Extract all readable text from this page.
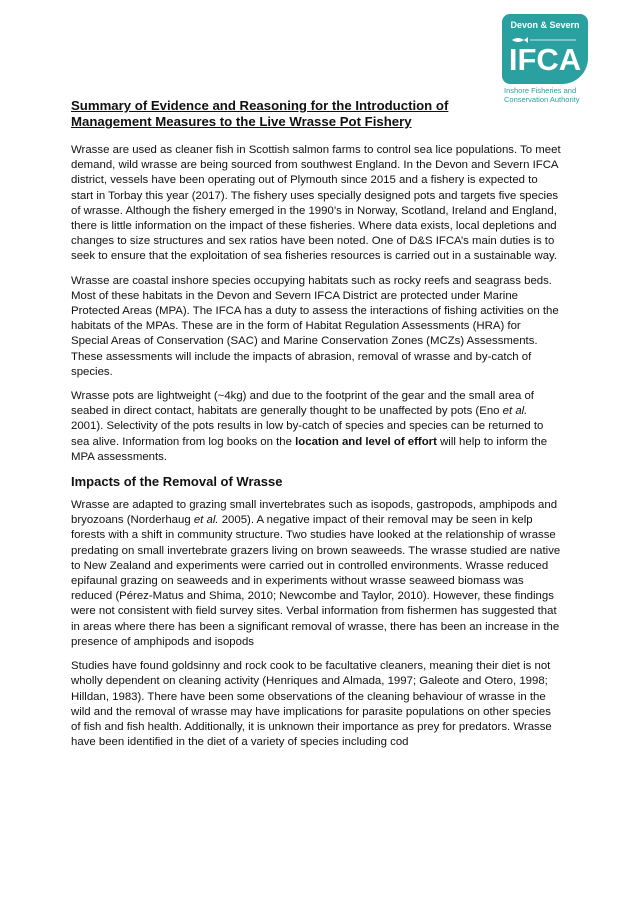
Devon & Severn
IFCA
Inshore Fisheries and
Conservation Authority
Summary of Evidence and Reasoning for the Introduction of Management Measures to the Live Wrasse Pot Fishery

Wrasse are used as cleaner fish in Scottish salmon farms to control sea lice populations. To meet demand, wild wrasse are being sourced from southwest England. In the Devon and Severn IFCA district, vessels have been operating out of Plymouth since 2015 and a fishery is expected to start in Torbay this year (2017). The fishery uses specially designed pots and targets five species of wrasse. Although the fishery emerged in the 1990’s in Norway, Scotland, Ireland and England, there is little information on the impact of these fisheries. Where data exists, local depletions and changes to size structures and sex ratios have been noted. One of D&S IFCA’s main duties is to seek to ensure that the exploitation of sea fisheries resources is carried out in a sustainable way.

Wrasse are coastal inshore species occupying habitats such as rocky reefs and seagrass beds. Most of these habitats in the Devon and Severn IFCA District are protected under Marine Protected Areas (MPA). The IFCA has a duty to assess the interactions of fishing activities on the habitats of the MPAs. These are in the form of Habitat Regulation Assessments (HRA) for Special Areas of Conservation (SAC) and Marine Conservation Zones (MCZs) Assessments. These assessments will include the impacts of abrasion, removal of wrasse and by-catch of species.

Wrasse pots are lightweight (~4kg) and due to the footprint of the gear and the small area of seabed in direct contact, habitats are generally thought to be unaffected by pots (Eno et al. 2001). Selectivity of the pots results in low by-catch of species and species can be returned to sea alive. Information from log books on the location and level of effort will help to inform the MPA assessments.

Impacts of the Removal of Wrasse

Wrasse are adapted to grazing small invertebrates such as isopods, gastropods, amphipods and bryozoans (Norderhaug et al. 2005). A negative impact of their removal may be seen in kelp forests with a shift in community structure. Two studies have looked at the relationship of wrasse predating on small invertebrate grazers living on brown seaweeds. The wrasse studied are native to New Zealand and experiments were carried out in controlled environments. Wrasse reduced epifaunal grazing on seaweeds and in experiments without wrasse seaweed biomass was reduced (Pérez-Matus and Shima, 2010; Newcombe and Taylor, 2010). However, these findings were not consistent with field survey sites. Verbal information from fishermen has suggested that in areas where there has been a significant removal of wrasse, there has been an increase in the presence of amphipods and isopods

Studies have found goldsinny and rock cook to be facultative cleaners, meaning their diet is not wholly dependent on cleaning activity (Henriques and Almada, 1997; Galeote and Otero, 1998; Hilldan, 1983). There have been some observations of the cleaning behaviour of wrasse in the wild and the removal of wrasse may have implications for parasite populations on other species of fish and fish health. Additionally, it is unknown their importance as prey for predators. Wrasse have been identified in the diet of a variety of species including cod
